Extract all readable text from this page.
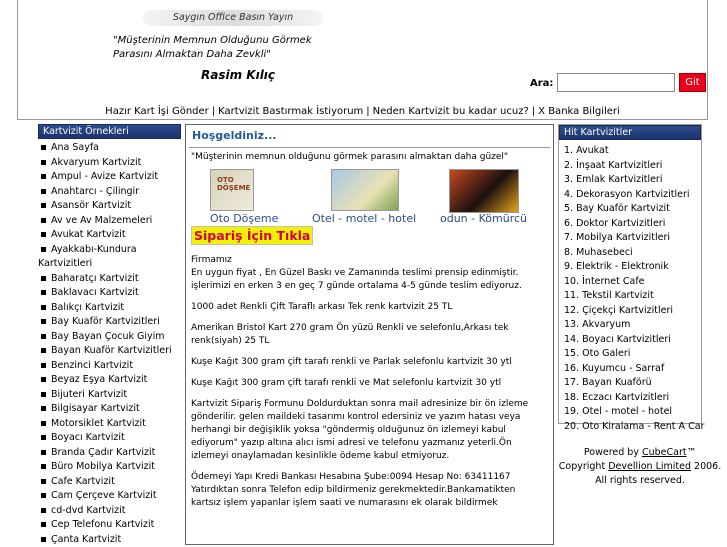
Saygın Office Basın Yayın
"Müşterinin Memnun Olduğunu Görmek
Parasını Almaktan Daha Zevkli"
Rasim Kılıç
Ara:	Git
Hazır Kart İşi Gönder | Kartvizit Bastırmak İstiyorum | Neden Kartvizit bu kadar ucuz? | X Banka Bilgileri
Kartvizit Örnekleri
Ana Sayfa
Akvaryum Kartvizit
Ampul - Avize Kartvizit
Anahtarcı - Çilingir
Asansör Kartvizit
Av ve Av Malzemeleri
Avukat Kartvizit
Ayakkabı-Kundura
Kartvizitleri
Baharatçı Kartvizit
Baklavacı Kartvizit
Balıkçı Kartvizit
Bay Kuaför Kartvizitleri
Bay Bayan Çocuk Giyim
Bayan Kuaför Kartvizitleri
Benzinci Kartvizit
Beyaz Eşya Kartvizit
Bijuteri Kartvizit
Bilgisayar Kartvizit
Motorsiklet Kartvizit
Boyacı Kartvizit
Branda Çadır Kartvizit
Büro Mobilya Kartvizit
Cafe Kartvizit
Cam Çerçeve Kartvizit
cd-dvd Kartvizit
Cep Telefonu Kartvizit
Çanta Kartvizit
Hoşgeldiniz...
"Müşterinin memnun olduğunu görmek parasını almaktan daha güzel"
OTO DÖŞEME
Oto Döşeme	Otel - motel - hotel odun - Kömürcü
Sipariş İçin Tıkla

Firmamız
En uygun fiyat , En Güzel Baskı ve Zamanında teslimi prensip edinmiştir. işlerimizi en erken 3 en geç 7 günde ortalama 4-5 günde teslim ediyoruz.

1000 adet Renkli Çift Taraflı arkası Tek renk kartvizit 25 TL

Amerikan Bristol Kart 270 gram Ön yüzü Renkli ve selefonlu,Arkası tek renk(siyah) 25 TL

Kuşe Kağıt 300 gram çift tarafı renkli ve Parlak selefonlu kartvizit 30 ytl

Kuşe Kağıt 300 gram çift tarafı renkli ve Mat selefonlu kartvizit 30 ytl

Kartvizit Sipariş Formunu Doldurduktan sonra mail adresinize bir ön izleme gönderilir. gelen maildeki tasarımı kontrol edersiniz ve yazım hatası veya herhangi bir değişiklik yoksa "göndermiş olduğunuz ön izlemeyi kabul ediyorum" yazıp altına alıcı ismi adresi ve telefonu yazmanız yeterli.Ön izlemeyi onaylamadan kesinlikle ödeme kabul etmiyoruz.

Ödemeyi Yapı Kredi Bankası Hesabına Şube:0094 Hesap No: 63411167 Yatırdıktan sonra Telefon edip bildirmeniz gerekmektedir.Bankamatikten kartsız işlem yapanlar işlem saati ve numarasını ek olarak bildirmek

Hit Kartvizitler
1. Avukat
2. İnşaat Kartvizitleri
3. Emlak Kartvizitleri
4. Dekorasyon Kartvizitleri
5. Bay Kuaför Kartvizit
6. Doktor Kartvizitleri
7. Mobilya Kartvizitleri
8. Muhasebeci
9. Elektrik - Elektronik
10. İnternet Cafe
11. Tekstil Kartvizit
12. Çiçekçi Kartvizitleri
13. Akvaryum
14. Boyacı Kartvizitleri
15. Oto Galeri
16. Kuyumcu - Sarraf
17. Bayan Kuaförü
18. Eczacı Kartvizitleri
19. Otel - motel - hotel
20. Oto Kiralama - Rent A Car
Powered by CubeCart™
Copyright Devellion Limited 2006. All rights reserved.
